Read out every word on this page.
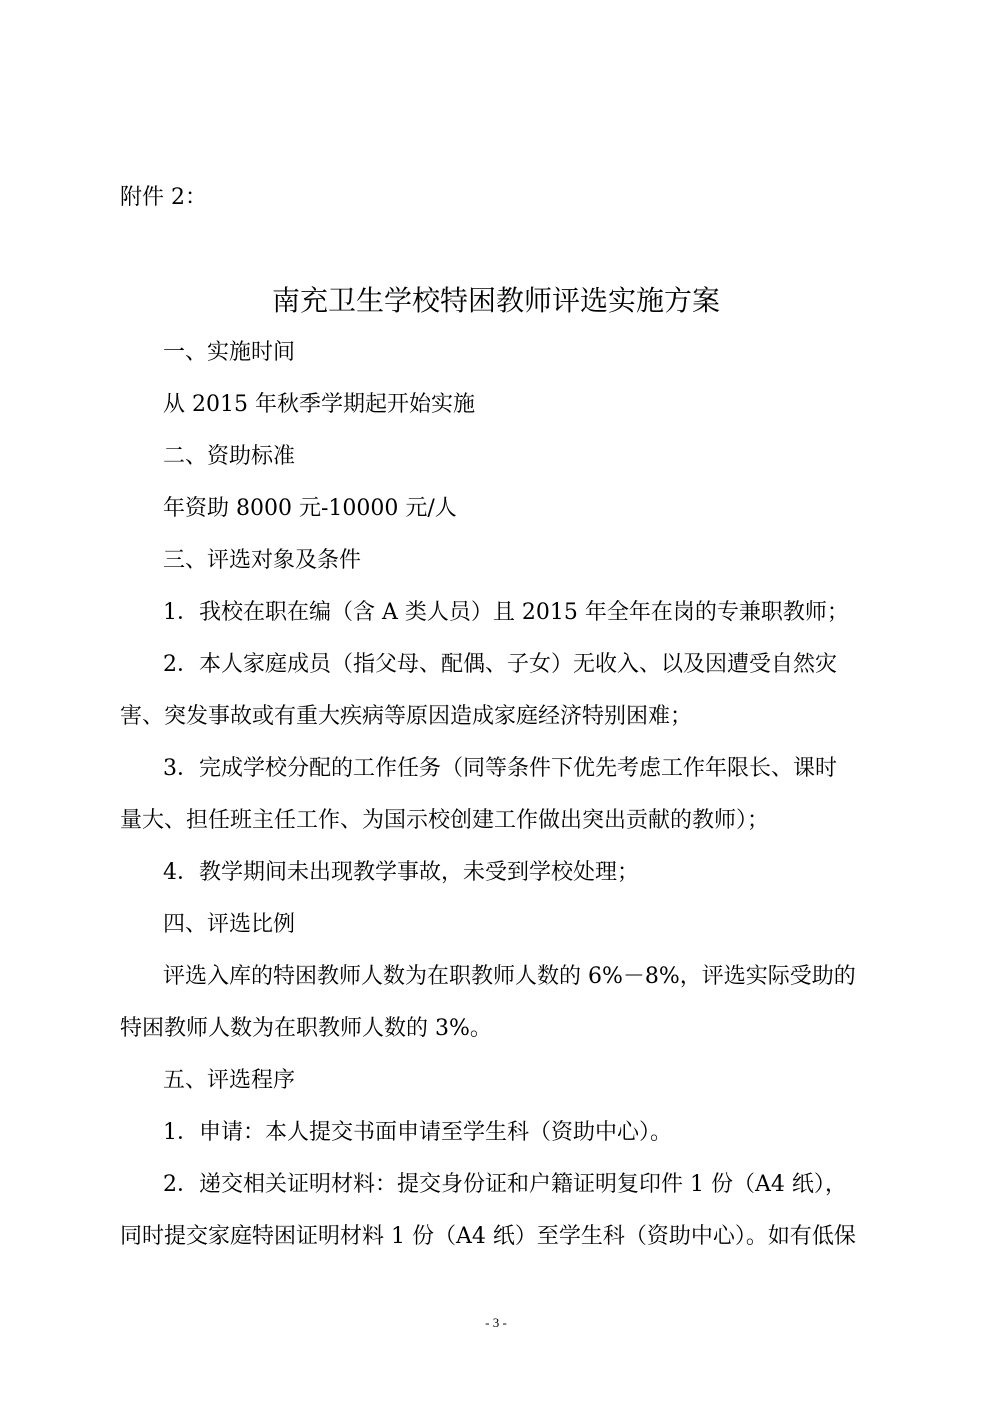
附件 2：
南充卫生学校特困教师评选实施方案
一、实施时间
从 2015 年秋季学期起开始实施
二、资助标准
年资助 8000 元-10000 元/人
三、评选对象及条件
1．我校在职在编（含 A 类人员）且 2015 年全年在岗的专兼职教师；
2．本人家庭成员（指父母、配偶、子女）无收入、以及因遭受自然灾
害、突发事故或有重大疾病等原因造成家庭经济特别困难；
3．完成学校分配的工作任务（同等条件下优先考虑工作年限长、课时
量大、担任班主任工作、为国示校创建工作做出突出贡献的教师）；
4．教学期间未出现教学事故，未受到学校处理；
四、评选比例
评选入库的特困教师人数为在职教师人数的 6%－8%，评选实际受助的
特困教师人数为在职教师人数的 3%。
五、评选程序
1．申请：本人提交书面申请至学生科（资助中心）。
2．递交相关证明材料：提交身份证和户籍证明复印件 1 份（A4 纸），
同时提交家庭特困证明材料 1 份（A4 纸）至学生科（资助中心）。如有低保
- 3 -
